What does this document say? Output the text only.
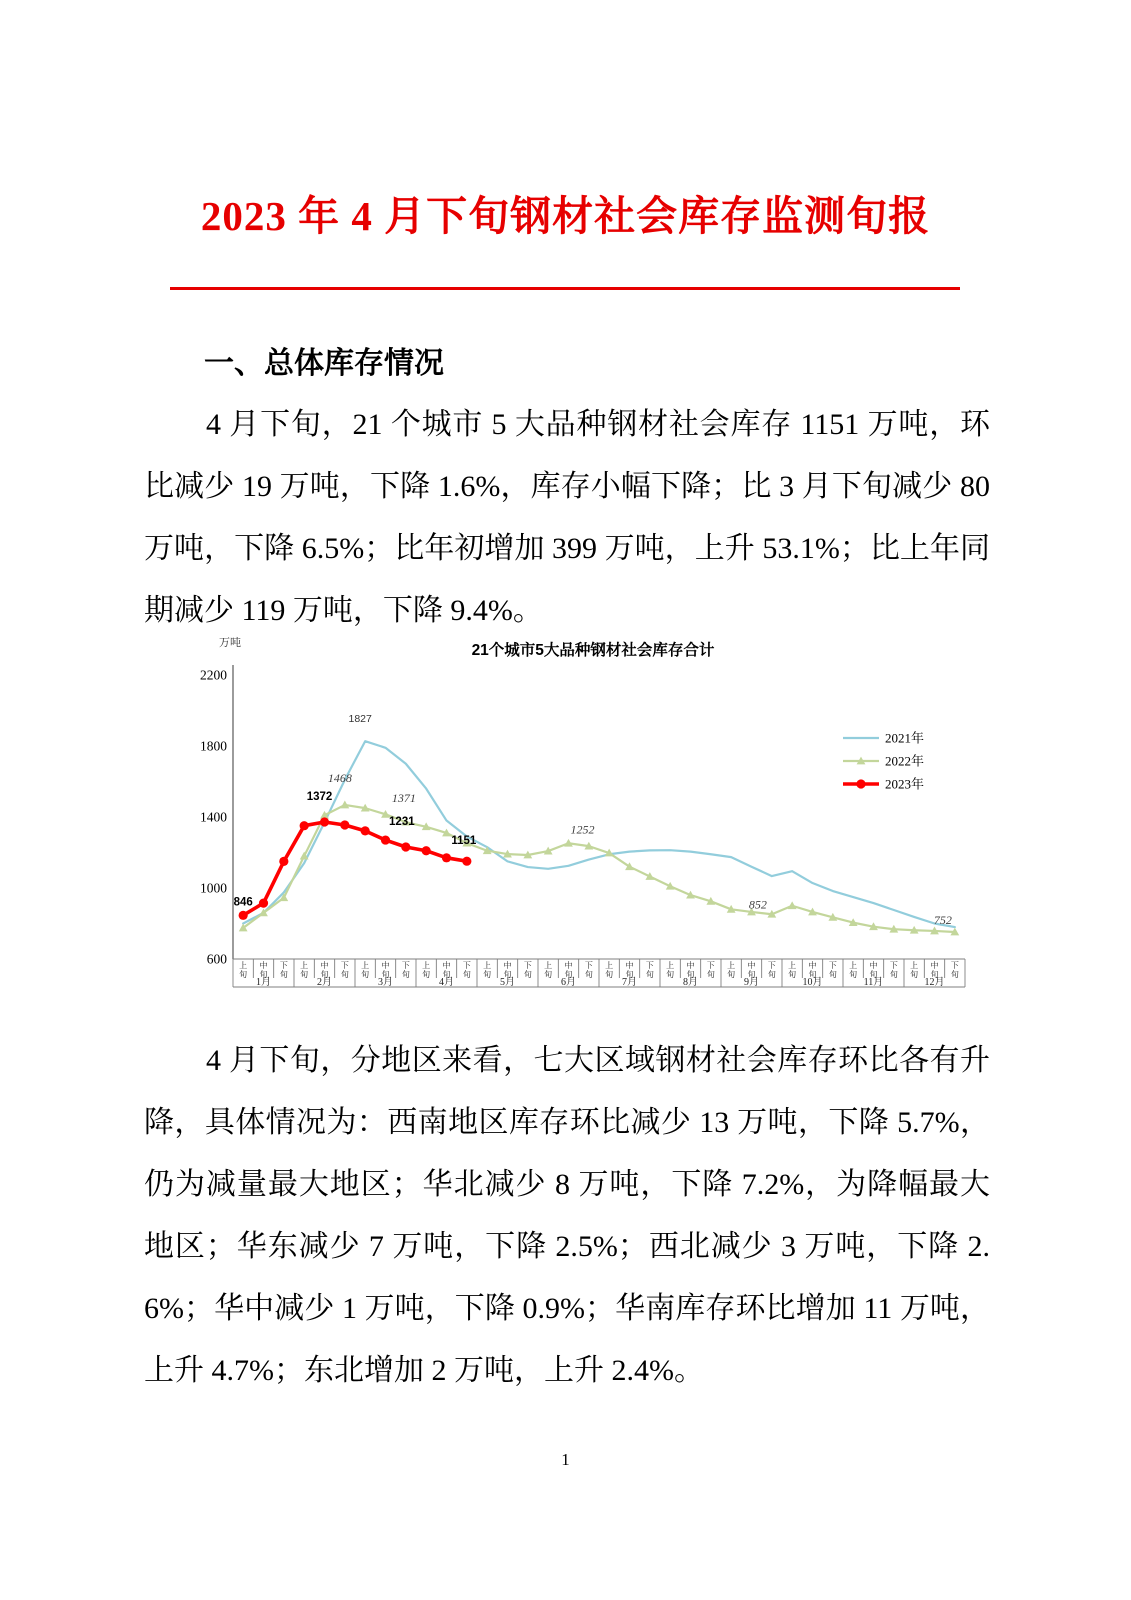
2023 年 4 月下旬钢材社会库存监测旬报
一、总体库存情况
4 月下旬，21 个城市 5 大品种钢材社会库存 1151 万吨，环比减少 19 万吨，下降 1.6%，库存小幅下降；比 3 月下旬减少 80 万吨，下降 6.5%；比年初增加 399 万吨，上升 53.1%；比上年同期减少 119 万吨，下降 9.4%。
21个城市5大品种钢材社会库存合计
万吨
600
1000
1400
1800
2200
上旬
中旬
下旬
上旬
中旬
下旬
上旬
中旬
下旬
上旬
中旬
下旬
上旬
中旬
下旬
上旬
中旬
下旬
上旬
中旬
下旬
上旬
中旬
下旬
上旬
中旬
下旬
上旬
中旬
下旬
上旬
中旬
下旬
上旬
中旬
下旬
1月	2月	3月	4月	5月	6月	7月	8月	9月	10月	11月	12月
846
1372
1231
1151
1827
1468
1371
1252
852
752
2021年
2022年
2023年
4 月下旬，分地区来看，七大区域钢材社会库存环比各有升降，具体情况为：西南地区库存环比减少 13 万吨，下降 5.7%，仍为减量最大地区；华北减少 8 万吨，下降 7.2%，为降幅最大地区；华东减少 7 万吨，下降 2.5%；西北减少 3 万吨，下降 2.6%；华中减少 1 万吨，下降 0.9%；华南库存环比增加 11 万吨，上升 4.7%；东北增加 2 万吨，上升 2.4%。
1
